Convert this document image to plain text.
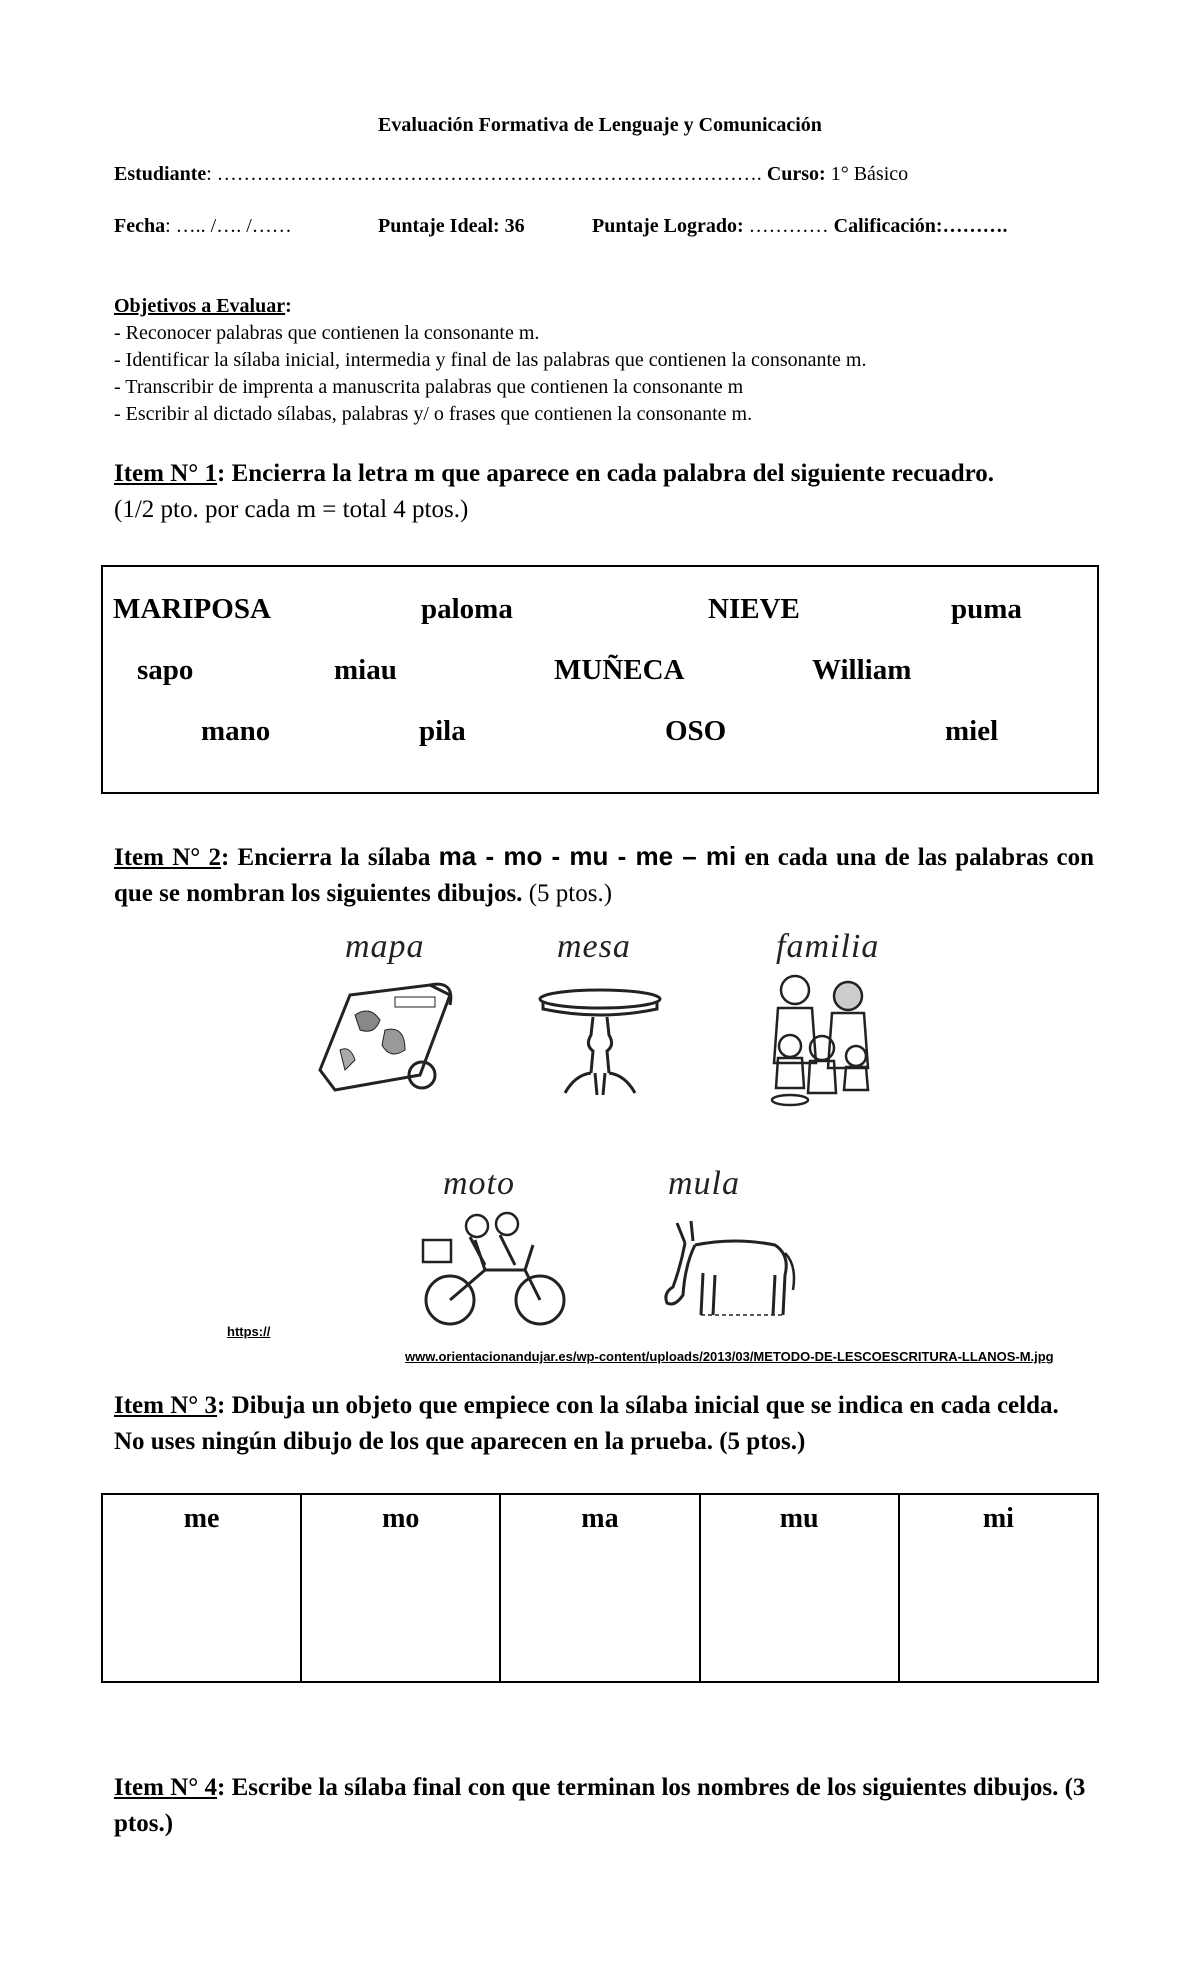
Evaluación Formativa de Lenguaje y Comunicación
Estudiante: ………………………………………………………………………. Curso: 1° Básico
Fecha: ….. /…. /……	Puntaje Ideal: 36	Puntaje Logrado: ………… Calificación:……….
Objetivos a Evaluar:
- Reconocer palabras que contienen la consonante m.
- Identificar la sílaba inicial, intermedia y final de las palabras que contienen la consonante m.
- Transcribir de imprenta a manuscrita palabras que contienen la consonante m
- Escribir al dictado sílabas, palabras y/ o frases que contienen la consonante m.
Item N° 1: Encierra la letra m que aparece en cada palabra del siguiente recuadro.
(1/2 pto. por cada m = total 4 ptos.)
MARIPOSA	paloma	NIEVE	puma
sapo	miau	MUÑECA	William
mano	pila	OSO	miel
Item N° 2: Encierra la sílaba ma - mo - mu - me – mi en cada una de las palabras con que se nombran los siguientes dibujos. (5 ptos.)
mapa	mesa	familia
moto	mula
https://
www.orientacionandujar.es/wp-content/uploads/2013/03/METODO-DE-LESCOESCRITURA-LLANOS-M.jpg
Item N° 3: Dibuja un objeto que empiece con la sílaba inicial que se indica en cada celda. No uses ningún dibujo de los que aparecen en la prueba. (5 ptos.)
me	mo	ma	mu	mi
Item N° 4: Escribe la sílaba final con que terminan los nombres de los siguientes dibujos. (3 ptos.)
